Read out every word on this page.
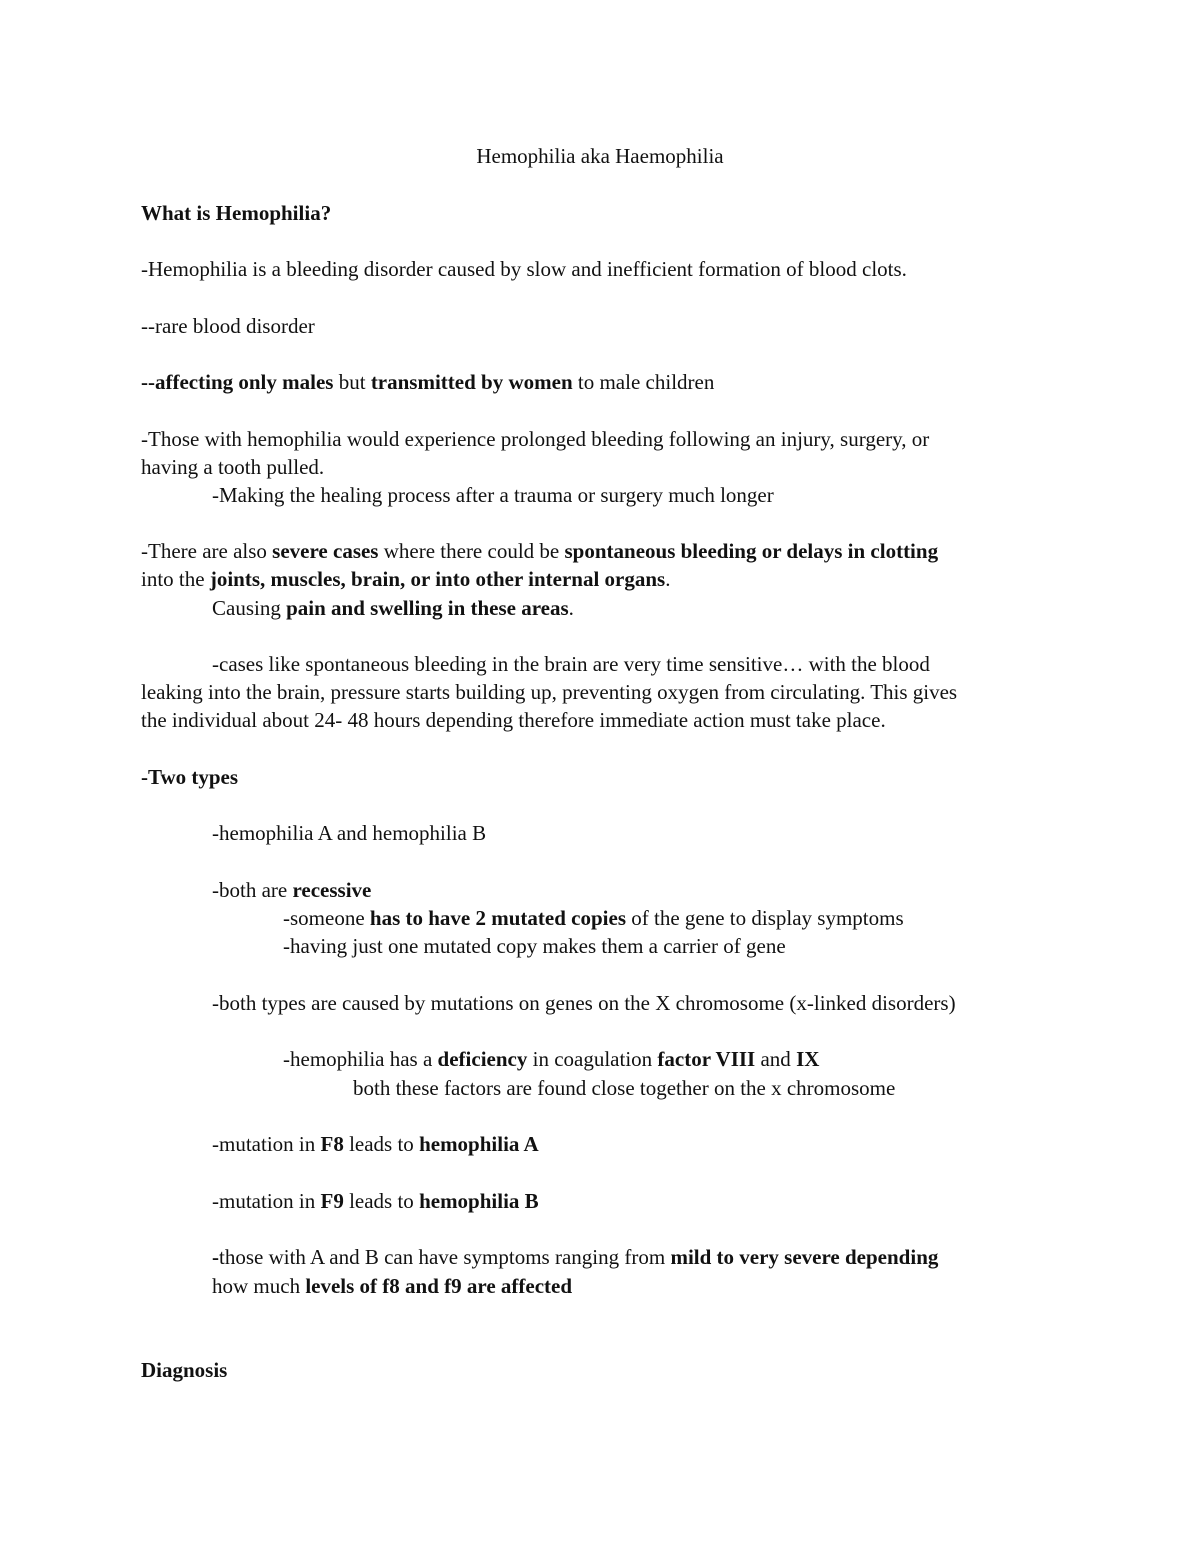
Hemophilia aka Haemophilia

What is Hemophilia?

-Hemophilia is a bleeding disorder caused by slow and inefficient formation of blood clots.

--rare blood disorder

--affecting only males but transmitted by women to male children

-Those with hemophilia would experience prolonged bleeding following an injury, surgery, or

having a tooth pulled.

-Making the healing process after a trauma or surgery much longer

-There are also severe cases where there could be spontaneous bleeding or delays in clotting

into the joints, muscles, brain, or into other internal organs.

Causing pain and swelling in these areas.

-cases like spontaneous bleeding in the brain are very time sensitive… with the blood

leaking into the brain, pressure starts building up, preventing oxygen from circulating. This gives

the individual about 24- 48 hours depending therefore immediate action must take place.

-Two types

-hemophilia A and hemophilia B

-both are recessive

-someone has to have 2 mutated copies of the gene to display symptoms

-having just one mutated copy makes them a carrier of gene

-both types are caused by mutations on genes on the X chromosome (x-linked disorders)

-hemophilia has a deficiency in coagulation factor VIII and IX

both these factors are found close together on the x chromosome

-mutation in F8 leads to hemophilia A

-mutation in F9 leads to hemophilia B

-those with A and B can have symptoms ranging from mild to very severe depending

how much levels of f8 and f9 are affected

Diagnosis
